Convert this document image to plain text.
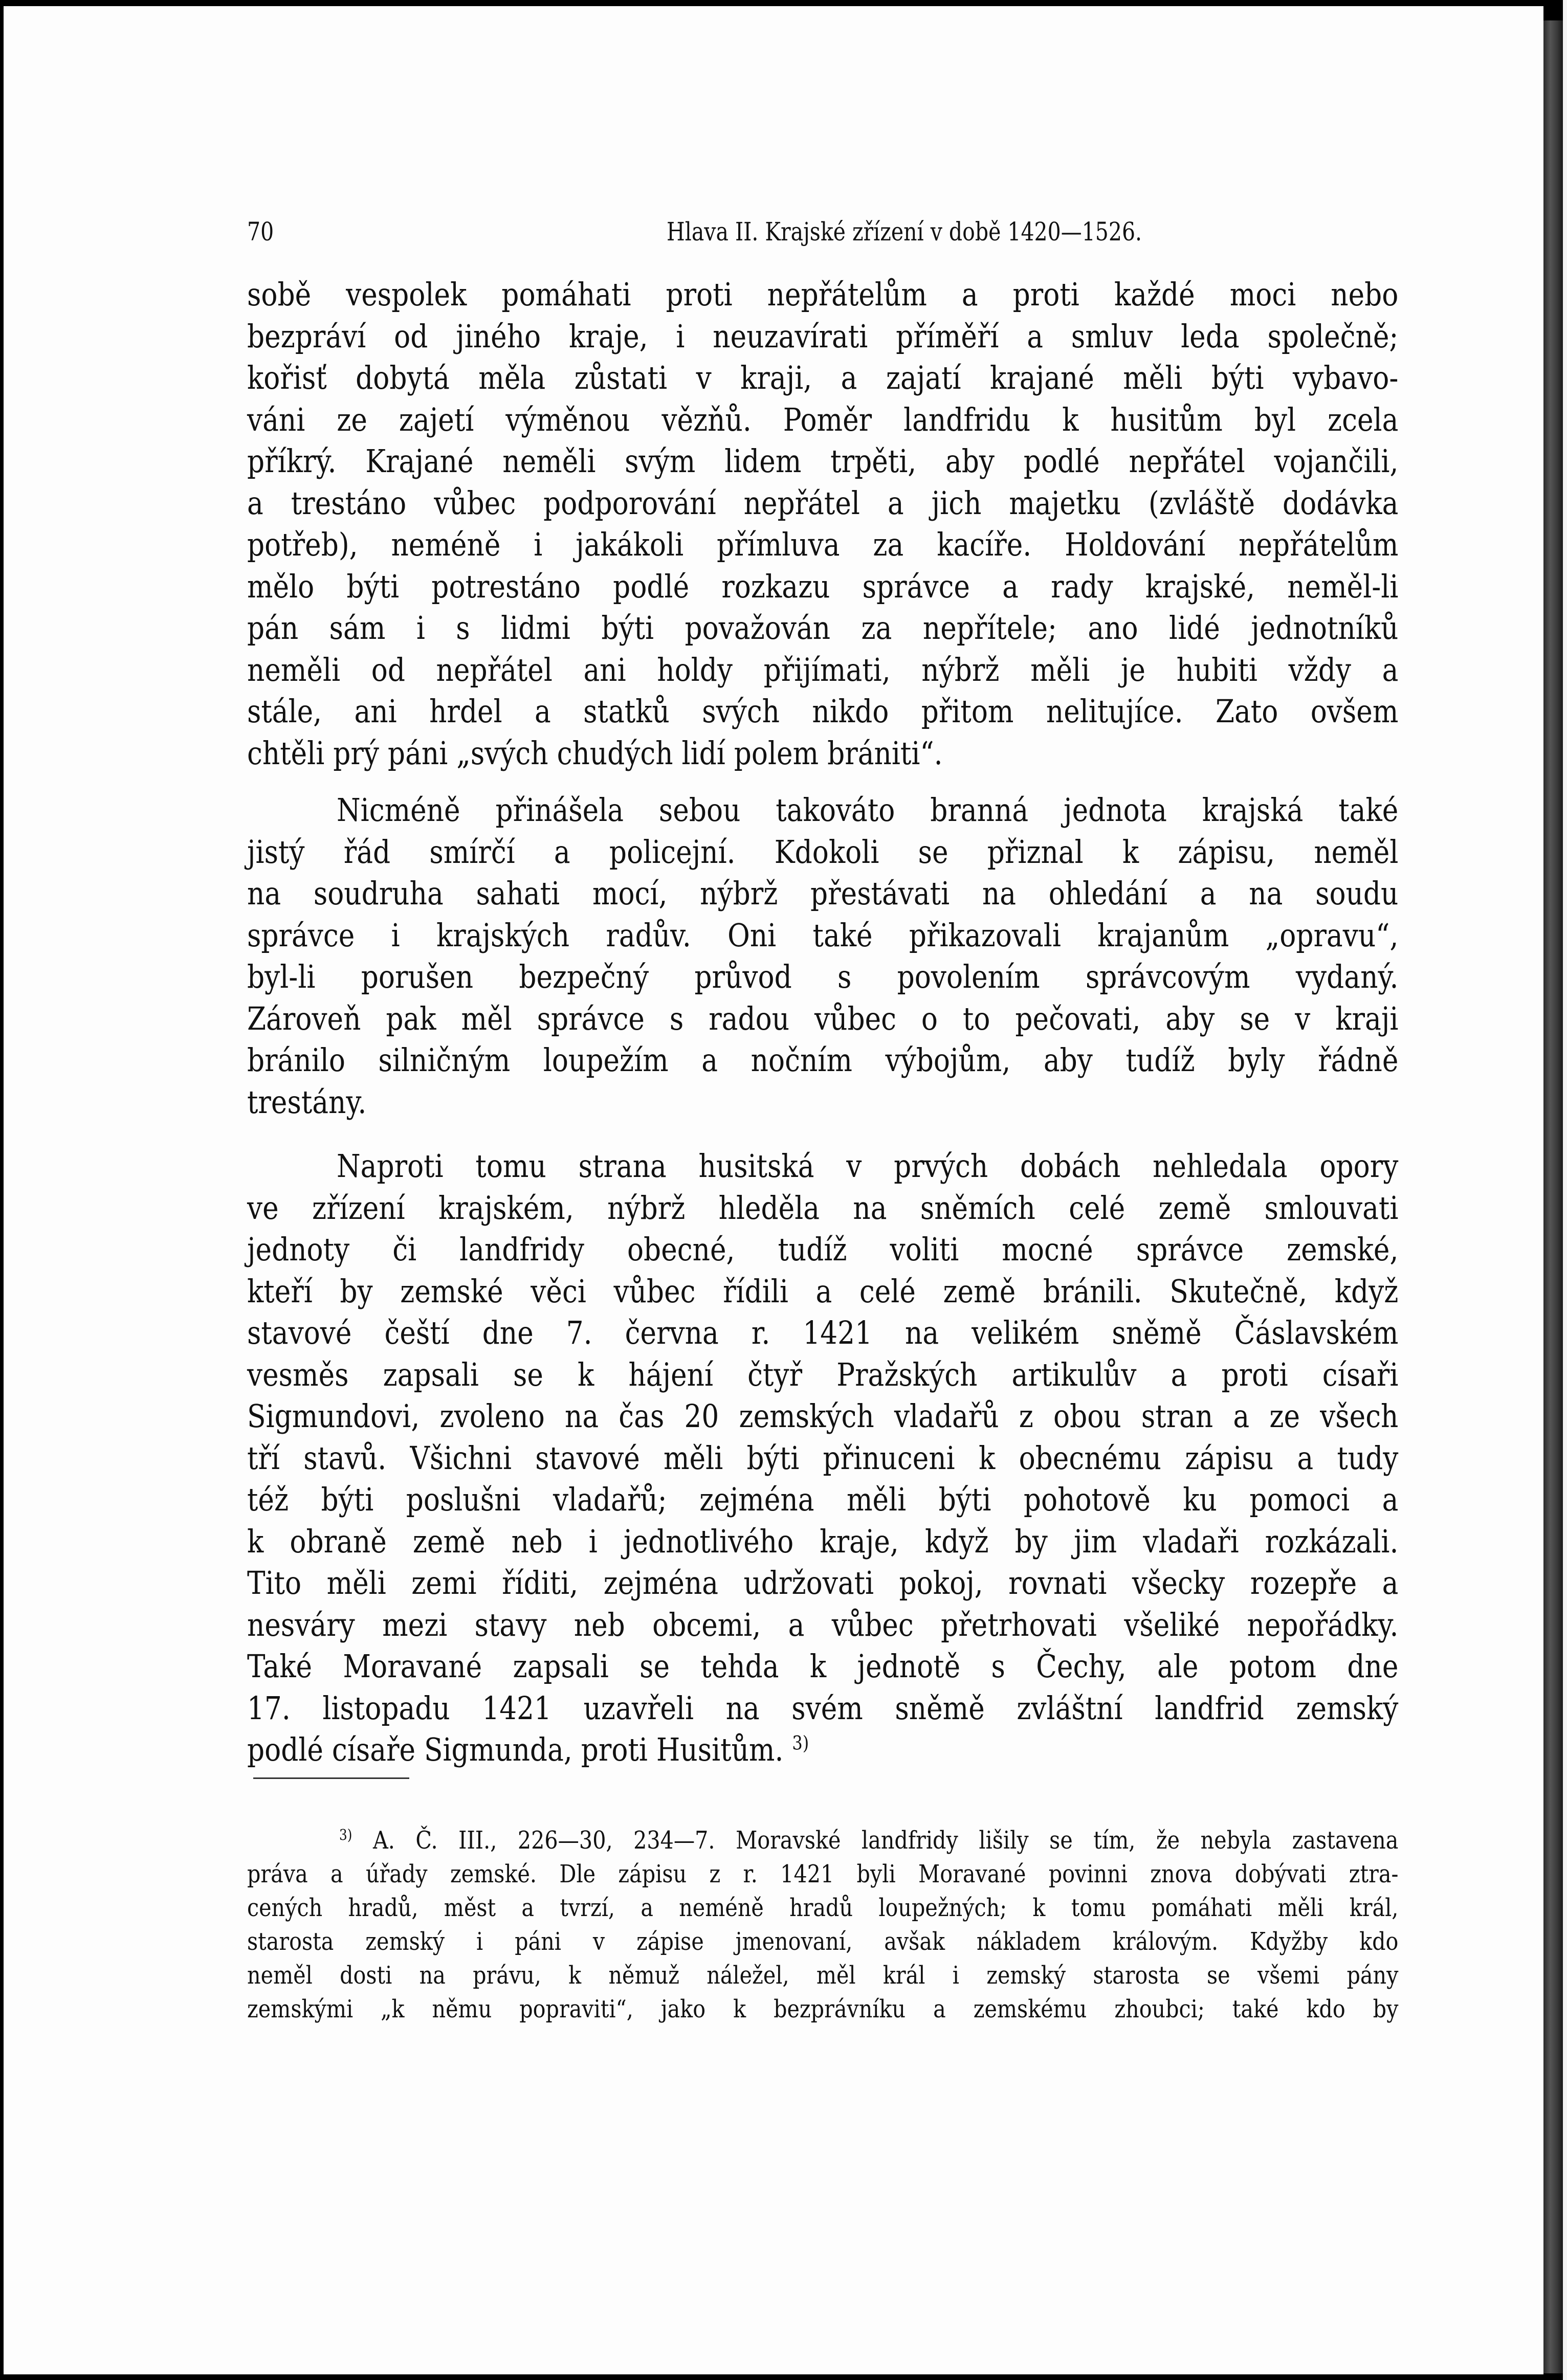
70	Hlava II. Krajské zřízení v době 1420—1526.
sobě vespolek pomáhati proti nepřátelům a proti každé moci nebo
bezpráví od jiného kraje, i neuzavírati příměří a smluv leda společně;
kořisť dobytá měla zůstati v kraji, a zajatí krajané měli býti vybavo-
váni ze zajetí výměnou vězňů. Poměr landfridu k husitům byl zcela
příkrý. Krajané neměli svým lidem trpěti, aby podlé nepřátel vojančili,
a trestáno vůbec podporování nepřátel a jich majetku (zvláště dodávka
potřeb), neméně i jakákoli přímluva za kacíře. Holdování nepřátelům
mělo býti potrestáno podlé rozkazu správce a rady krajské, neměl-li
pán sám i s lidmi býti považován za nepřítele; ano lidé jednotníků
neměli od nepřátel ani holdy přijímati, nýbrž měli je hubiti vždy a
stále, ani hrdel a statků svých nikdo přitom nelitujíce. Zato ovšem
chtěli prý páni „svých chudých lidí polem brániti“.
Nicméně přinášela sebou takováto branná jednota krajská také
jistý řád smírčí a policejní. Kdokoli se přiznal k zápisu, neměl
na soudruha sahati mocí, nýbrž přestávati na ohledání a na soudu
správce i krajských radův. Oni také přikazovali krajanům „opravu“,
byl-li porušen bezpečný průvod s povolením správcovým vydaný.
Zároveň pak měl správce s radou vůbec o to pečovati, aby se v kraji
bránilo silničným loupežím a nočním výbojům, aby tudíž byly řádně
trestány.
Naproti tomu strana husitská v prvých dobách nehledala opory
ve zřízení krajském, nýbrž hleděla na sněmích celé země smlouvati
jednoty či landfridy obecné, tudíž voliti mocné správce zemské,
kteří by zemské věci vůbec řídili a celé země bránili. Skutečně, když
stavové čeští dne 7. června r. 1421 na velikém sněmě Čáslavském
vesměs zapsali se k hájení čtyř Pražských artikulův a proti císaři
Sigmundovi, zvoleno na čas 20 zemských vladařů z obou stran a ze všech
tří stavů. Všichni stavové měli býti přinuceni k obecnému zápisu a tudy
též býti poslušni vladařů; zejména měli býti pohotově ku pomoci a
k obraně země neb i jednotlivého kraje, když by jim vladaři rozkázali.
Tito měli zemi říditi, zejména udržovati pokoj, rovnati všecky rozepře a
nesváry mezi stavy neb obcemi, a vůbec přetrhovati všeliké nepořádky.
Také Moravané zapsali se tehda k jednotě s Čechy, ale potom dne
17. listopadu 1421 uzavřeli na svém sněmě zvláštní landfrid zemský
podlé císaře Sigmunda, proti Husitům. $^{3)}$
$^{3)}$ A. Č. III., 226—30, 234—7. Moravské landfridy lišily se tím, že nebyla zastavena
práva a úřady zemské. Dle zápisu z r. 1421 byli Moravané povinni znova dobývati ztra-
cených hradů, měst a tvrzí, a neméně hradů loupežných; k tomu pomáhati měli král,
starosta zemský i páni v zápise jmenovaní, avšak nákladem královým. Kdyžby kdo
neměl dosti na právu, k němuž náležel, měl král i zemský starosta se všemi pány
zemskými „k němu popraviti“, jako k bezprávníku a zemskému zhoubci; také kdo by
